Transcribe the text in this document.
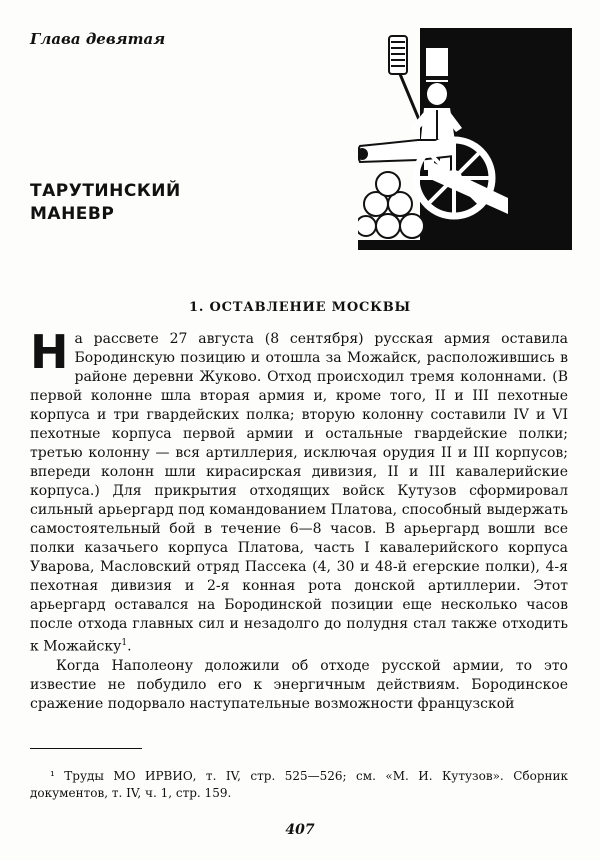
Глава девятая
ТАРУТИНСКИЙ
МАНЕВР
1. ОСТАВЛЕНИЕ МОСКВЫ

На рассвете 27 августа (8 сентября) русская армия оставила Бородинскую позицию и отошла за Можайск, расположившись в районе деревни Жуково. Отход происходил тремя колоннами. (В первой колонне шла вторая армия и, кроме того, II и III пехотные корпуса и три гвардейских полка; вторую колонну составили IV и VI пехотные корпуса первой армии и остальные гвардейские полки; третью колонну — вся артиллерия, исключая орудия II и III корпусов; впереди колонн шли кирасирская дивизия, II и III кавалерийские корпуса.) Для прикрытия отходящих войск Кутузов сформировал сильный арьергард под командованием Платова, способный выдержать самостоятельный бой в течение 6—8 часов. В арьергард вошли все полки казачьего корпуса Платова, часть I кавалерийского корпуса Уварова, Масловский отряд Пассека (4, 30 и 48-й егерские полки), 4-я пехотная дивизия и 2-я конная рота донской артиллерии. Этот арьергард оставался на Бородинской позиции еще несколько часов после отхода главных сил и незадолго до полудня стал также отходить к Можайску$^1$.

Когда Наполеону доложили об отходе русской армии, то это известие не побудило его к энергичным действиям. Бородинское сражение подорвало наступательные возможности французской

¹ Труды МО ИРВИО, т. IV, стр. 525—526; см. «М. И. Кутузов». Сборник документов, т. IV, ч. 1, стр. 159.

407
